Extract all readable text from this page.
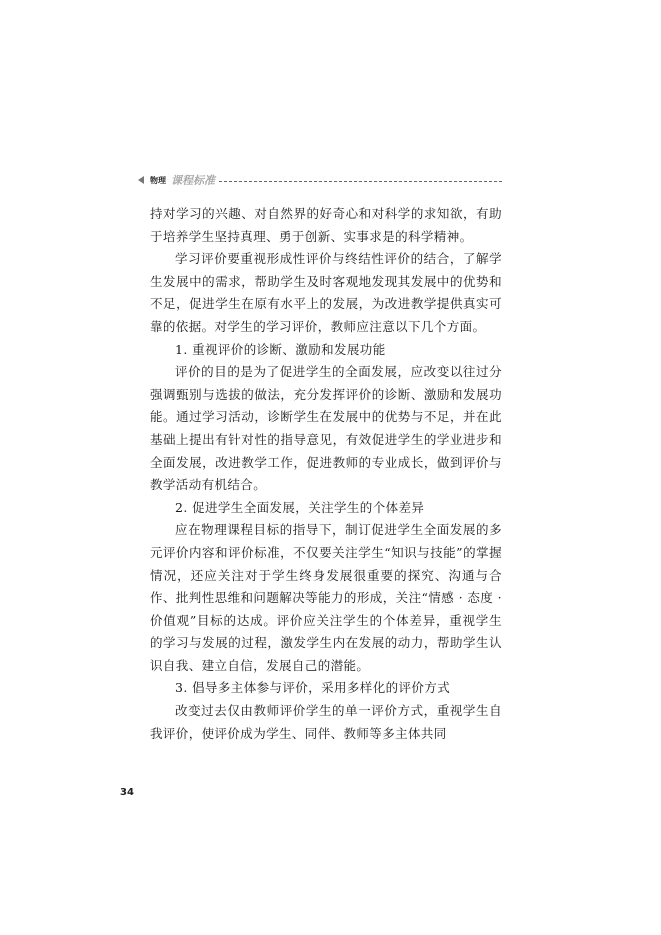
物理 课程标准

持对学习的兴趣、对自然界的好奇心和对科学的求知欲，有助于培养学生坚持真理、勇于创新、实事求是的科学精神。

学习评价要重视形成性评价与终结性评价的结合，了解学生发展中的需求，帮助学生及时客观地发现其发展中的优势和不足，促进学生在原有水平上的发展，为改进教学提供真实可靠的依据。对学生的学习评价，教师应注意以下几个方面。

1. 重视评价的诊断、激励和发展功能

评价的目的是为了促进学生的全面发展，应改变以往过分强调甄别与选拔的做法，充分发挥评价的诊断、激励和发展功能。通过学习活动，诊断学生在发展中的优势与不足，并在此基础上提出有针对性的指导意见，有效促进学生的学业进步和全面发展，改进教学工作，促进教师的专业成长，做到评价与教学活动有机结合。

2. 促进学生全面发展，关注学生的个体差异

应在物理课程目标的指导下，制订促进学生全面发展的多元评价内容和评价标准，不仅要关注学生“知识与技能”的掌握情况，还应关注对于学生终身发展很重要的探究、沟通与合作、批判性思维和问题解决等能力的形成，关注“情感 · 态度 · 价值观”目标的达成。评价应关注学生的个体差异，重视学生的学习与发展的过程，激发学生内在发展的动力，帮助学生认识自我、建立自信，发展自己的潜能。

3. 倡导多主体参与评价，采用多样化的评价方式

改变过去仅由教师评价学生的单一评价方式，重视学生自我评价，使评价成为学生、同伴、教师等多主体共同

34
